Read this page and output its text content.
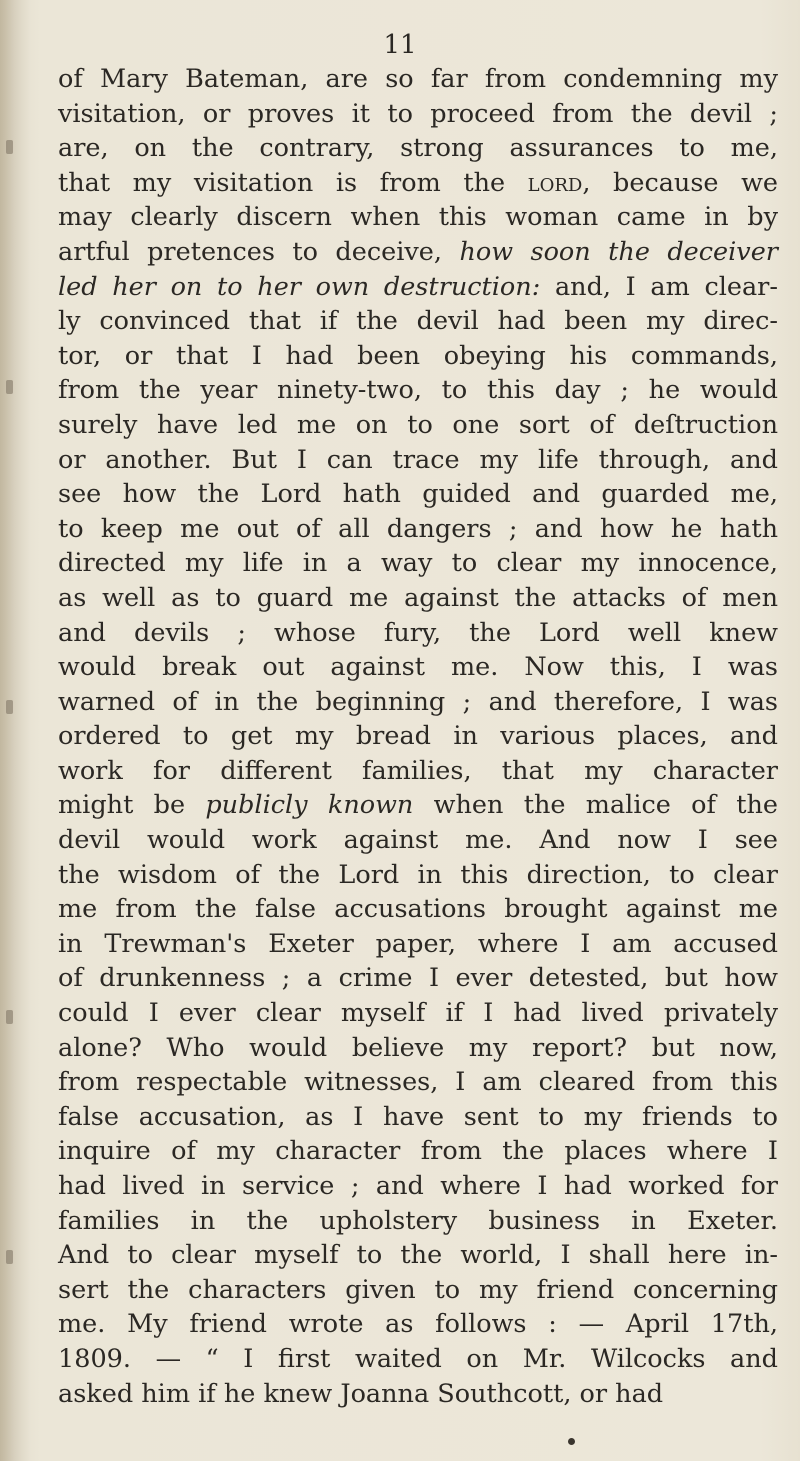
11
of Mary Bateman, are so far from condemning my
visitation, or proves it to proceed from the devil ;
are, on the contrary, strong assurances to me,
that my visitation is from the lord, because we
may clearly discern when this woman came in by
artful pretences to deceive, how soon the deceiver
led her on to her own destruction: and, I am clear-
ly convinced that if the devil had been my direc-
tor, or that I had been obeying his commands,
from the year ninety-two, to this day ; he would
surely have led me on to one sort of deſtruction
or another. But I can trace my life through, and
see how the Lord hath guided and guarded me,
to keep me out of all dangers ; and how he hath
directed my life in a way to clear my innocence,
as well as to guard me against the attacks of men
and devils ; whose fury, the Lord well knew
would break out against me. Now this, I was
warned of in the beginning ; and therefore, I was
ordered to get my bread in various places, and
work for different families, that my character
might be publicly known when the malice of the
devil would work against me. And now I see
the wisdom of the Lord in this direction, to clear
me from the false accusations brought against me
in Trewman's Exeter paper, where I am accused
of drunkenness ; a crime I ever detested, but how
could I ever clear myself if I had lived privately
alone? Who would believe my report? but now,
from respectable witnesses, I am cleared from this
false accusation, as I have sent to my friends to
inquire of my character from the places where I
had lived in service ; and where I had worked for
families in the upholstery business in Exeter.
And to clear myself to the world, I shall here in-
sert the characters given to my friend concerning
me. My friend wrote as follows : — April 17th,
1809. — “ I first waited on Mr. Wilcocks and
asked him if he knew Joanna Southcott, or had
